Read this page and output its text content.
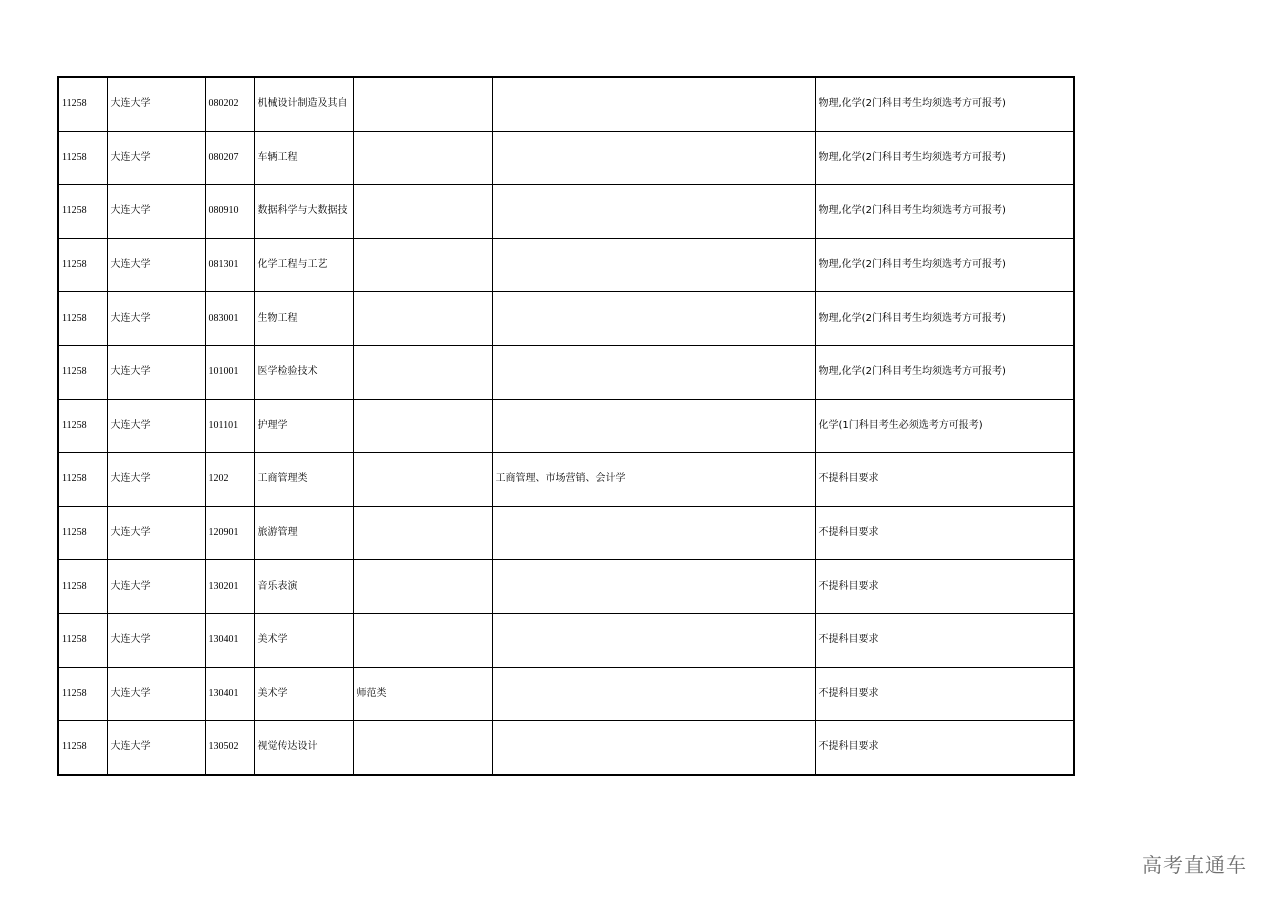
11258	大连大学	080202	机械设计制造及其自			物理,化学(2门科目考生均须选考方可报考)
11258	大连大学	080207	车辆工程			物理,化学(2门科目考生均须选考方可报考)
11258	大连大学	080910	数据科学与大数据技			物理,化学(2门科目考生均须选考方可报考)
11258	大连大学	081301	化学工程与工艺			物理,化学(2门科目考生均须选考方可报考)
11258	大连大学	083001	生物工程			物理,化学(2门科目考生均须选考方可报考)
11258	大连大学	101001	医学检验技术			物理,化学(2门科目考生均须选考方可报考)
11258	大连大学	101101	护理学			化学(1门科目考生必须选考方可报考)
11258	大连大学	1202	工商管理类		工商管理、市场营销、会计学	不提科目要求
11258	大连大学	120901	旅游管理			不提科目要求
11258	大连大学	130201	音乐表演			不提科目要求
11258	大连大学	130401	美术学			不提科目要求
11258	大连大学	130401	美术学	师范类		不提科目要求
11258	大连大学	130502	视觉传达设计			不提科目要求
高考直通车
